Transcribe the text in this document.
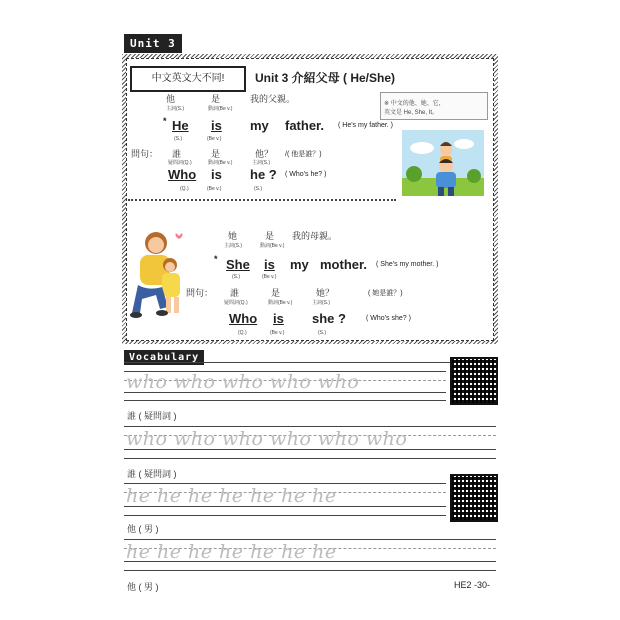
Unit 3
中文英文大不同!	Unit 3 介紹父母 ( He/She)
※ 中文的他、她、它，
英文是 He, She, It。
他	是	我的父親。
主詞(S.)	動詞(Be v.)
* He is my father. ( He's my father. )
(S.)	(Be v.)
問句： 誰	是	他？ /( 他是誰？)
疑問詞(Q.)	動詞(Be v.)	主詞(S.)
Who is he ? ( Who's he? )
(Q.)	(Be v.)	(S.)
她	是 我的母親。
主詞(S.)	動詞(Be v.)
* She is my mother. ( She's my mother. )
(S.)	(Be v.)
問句： 誰	是	她？	( 她是誰？)
疑問詞(Q.)	動詞(Be v.)	主詞(S.)
Who is she ?	( Who's she? )
(Q.)	(Be v.)	(S.)
Vocabulary
who who who who who
誰 ( 疑問詞 )
who who who who who who
誰 ( 疑問詞 )
he he he he he he he
他 ( 男 )
he he he he he he he
他 ( 男 )	HE2 -30-
